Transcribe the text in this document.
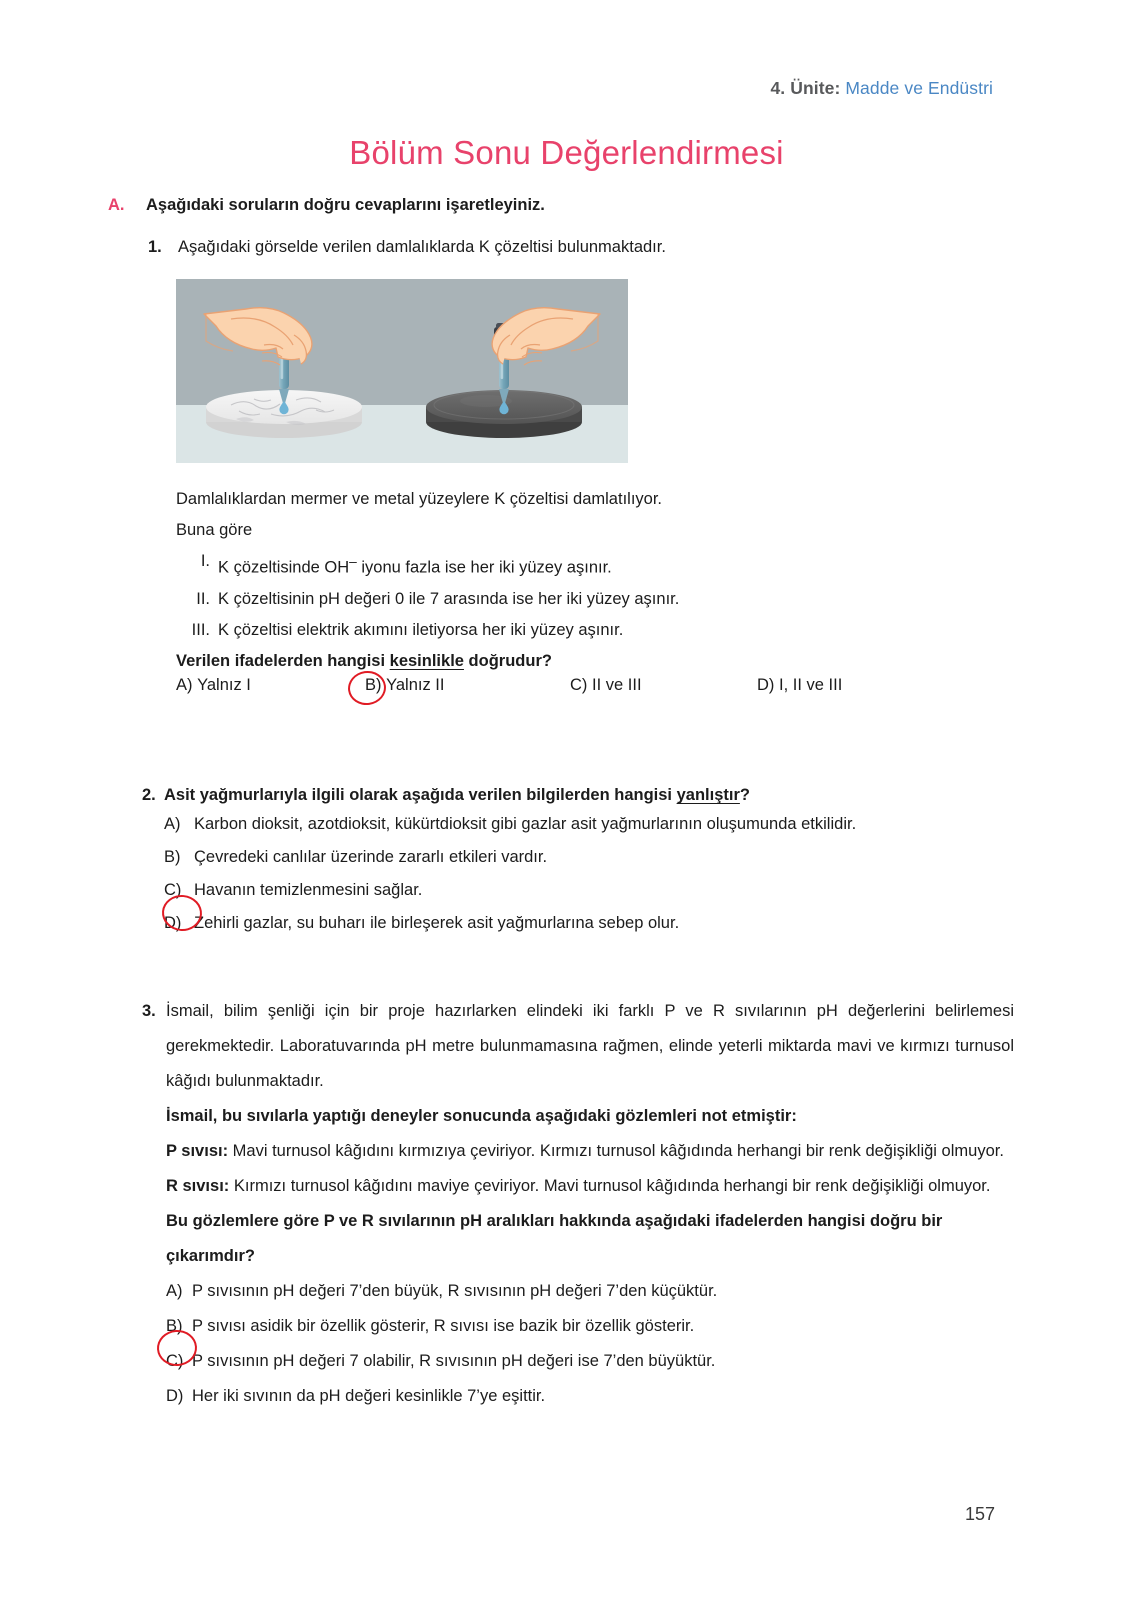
4. Ünite: Madde ve Endüstri
Bölüm Sonu Değerlendirmesi
A. Aşağıdaki soruların doğru cevaplarını işaretleyiniz.
1. Aşağıdaki görselde verilen damlalıklarda K çözeltisi bulunmaktadır.
Damlalıklardan mermer ve metal yüzeylere K çözeltisi damlatılıyor.
Buna göre
I. K çözeltisinde OH– iyonu fazla ise her iki yüzey aşınır.
II. K çözeltisinin pH değeri 0 ile 7 arasında ise her iki yüzey aşınır.
III. K çözeltisi elektrik akımını iletiyorsa her iki yüzey aşınır.
Verilen ifadelerden hangisi kesinlikle doğrudur?
A) Yalnız I	B) Yalnız II	C) II ve III	D) I, II ve III
2. Asit yağmurlarıyla ilgili olarak aşağıda verilen bilgilerden hangisi yanlıştır?
A) Karbon dioksit, azotdioksit, kükürtdioksit gibi gazlar asit yağmurlarının oluşumunda etkilidir.
B) Çevredeki canlılar üzerinde zararlı etkileri vardır.
C) Havanın temizlenmesini sağlar.
D) Zehirli gazlar, su buharı ile birleşerek asit yağmurlarına sebep olur.
3. İsmail, bilim şenliği için bir proje hazırlarken elindeki iki farklı P ve R sıvılarının pH değerlerini belirlemesi gerekmektedir. Laboratuvarında pH metre bulunmamasına rağmen, elinde yeterli miktarda mavi ve kırmızı turnusol kâğıdı bulunmaktadır.
İsmail, bu sıvılarla yaptığı deneyler sonucunda aşağıdaki gözlemleri not etmiştir:
P sıvısı: Mavi turnusol kâğıdını kırmızıya çeviriyor. Kırmızı turnusol kâğıdında herhangi bir renk değişikliği olmuyor.
R sıvısı: Kırmızı turnusol kâğıdını maviye çeviriyor. Mavi turnusol kâğıdında herhangi bir renk değişikliği olmuyor.
Bu gözlemlere göre P ve R sıvılarının pH aralıkları hakkında aşağıdaki ifadelerden hangisi doğru bir çıkarımdır?
A) P sıvısının pH değeri 7’den büyük, R sıvısının pH değeri 7’den küçüktür.
B) P sıvısı asidik bir özellik gösterir, R sıvısı ise bazik bir özellik gösterir.
C) P sıvısının pH değeri 7 olabilir, R sıvısının pH değeri ise 7’den büyüktür.
D) Her iki sıvının da pH değeri kesinlikle 7’ye eşittir.
157
